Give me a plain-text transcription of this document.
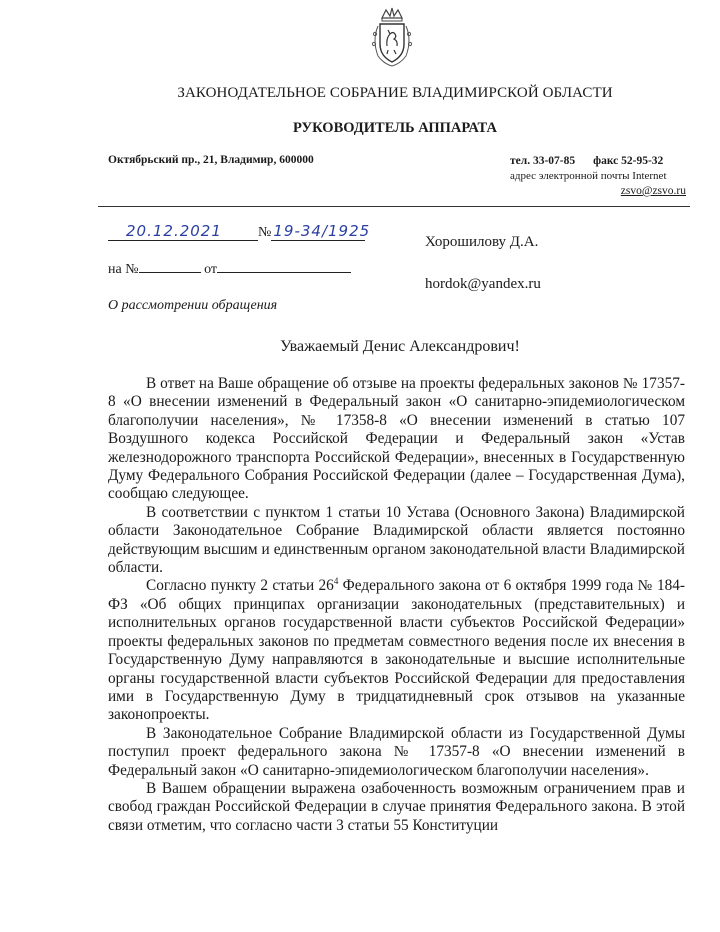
ЗАКОНОДАТЕЛЬНОЕ СОБРАНИЕ ВЛАДИМИРСКОЙ ОБЛАСТИ
РУКОВОДИТЕЛЬ АППАРАТА
Октябрьский пр., 21, Владимир, 600000	тел. 33-07-85 факс 52-95-32
адрес электронной почты Internet
zsvo@zsvo.ru
20.12.2021	№ 19-34/1925
на №	от
О рассмотрении обращения
Хорошилову Д.А.
hordok@yandex.ru
Уважаемый Денис Александрович!

В ответ на Ваше обращение об отзыве на проекты федеральных законов № 17357-8 «О внесении изменений в Федеральный закон «О санитарно-эпидемиологическом благополучии населения», № 17358-8 «О внесении изменений в статью 107 Воздушного кодекса Российской Федерации и Федеральный закон «Устав железнодорожного транспорта Российской Федерации», внесенных в Государственную Думу Федерального Собрания Российской Федерации (далее – Государственная Дума), сообщаю следующее.

В соответствии с пунктом 1 статьи 10 Устава (Основного Закона) Владимирской области Законодательное Собрание Владимирской области является постоянно действующим высшим и единственным органом законодательной власти Владимирской области.

Согласно пункту 2 статьи $26^4$ Федерального закона от 6 октября 1999 года № 184-ФЗ «Об общих принципах организации законодательных (представительных) и исполнительных органов государственной власти субъектов Российской Федерации» проекты федеральных законов по предметам совместного ведения после их внесения в Государственную Думу направляются в законодательные и высшие исполнительные органы государственной власти субъектов Российской Федерации для предоставления ими в Государственную Думу в тридцатидневный срок отзывов на указанные законопроекты.

В Законодательное Собрание Владимирской области из Государственной Думы поступил проект федерального закона № 17357-8 «О внесении изменений в Федеральный закон «О санитарно-эпидемиологическом благополучии населения».

В Вашем обращении выражена озабоченность возможным ограничением прав и свобод граждан Российской Федерации в случае принятия Федерального закона. В этой связи отметим, что согласно части 3 статьи 55 Конституции
